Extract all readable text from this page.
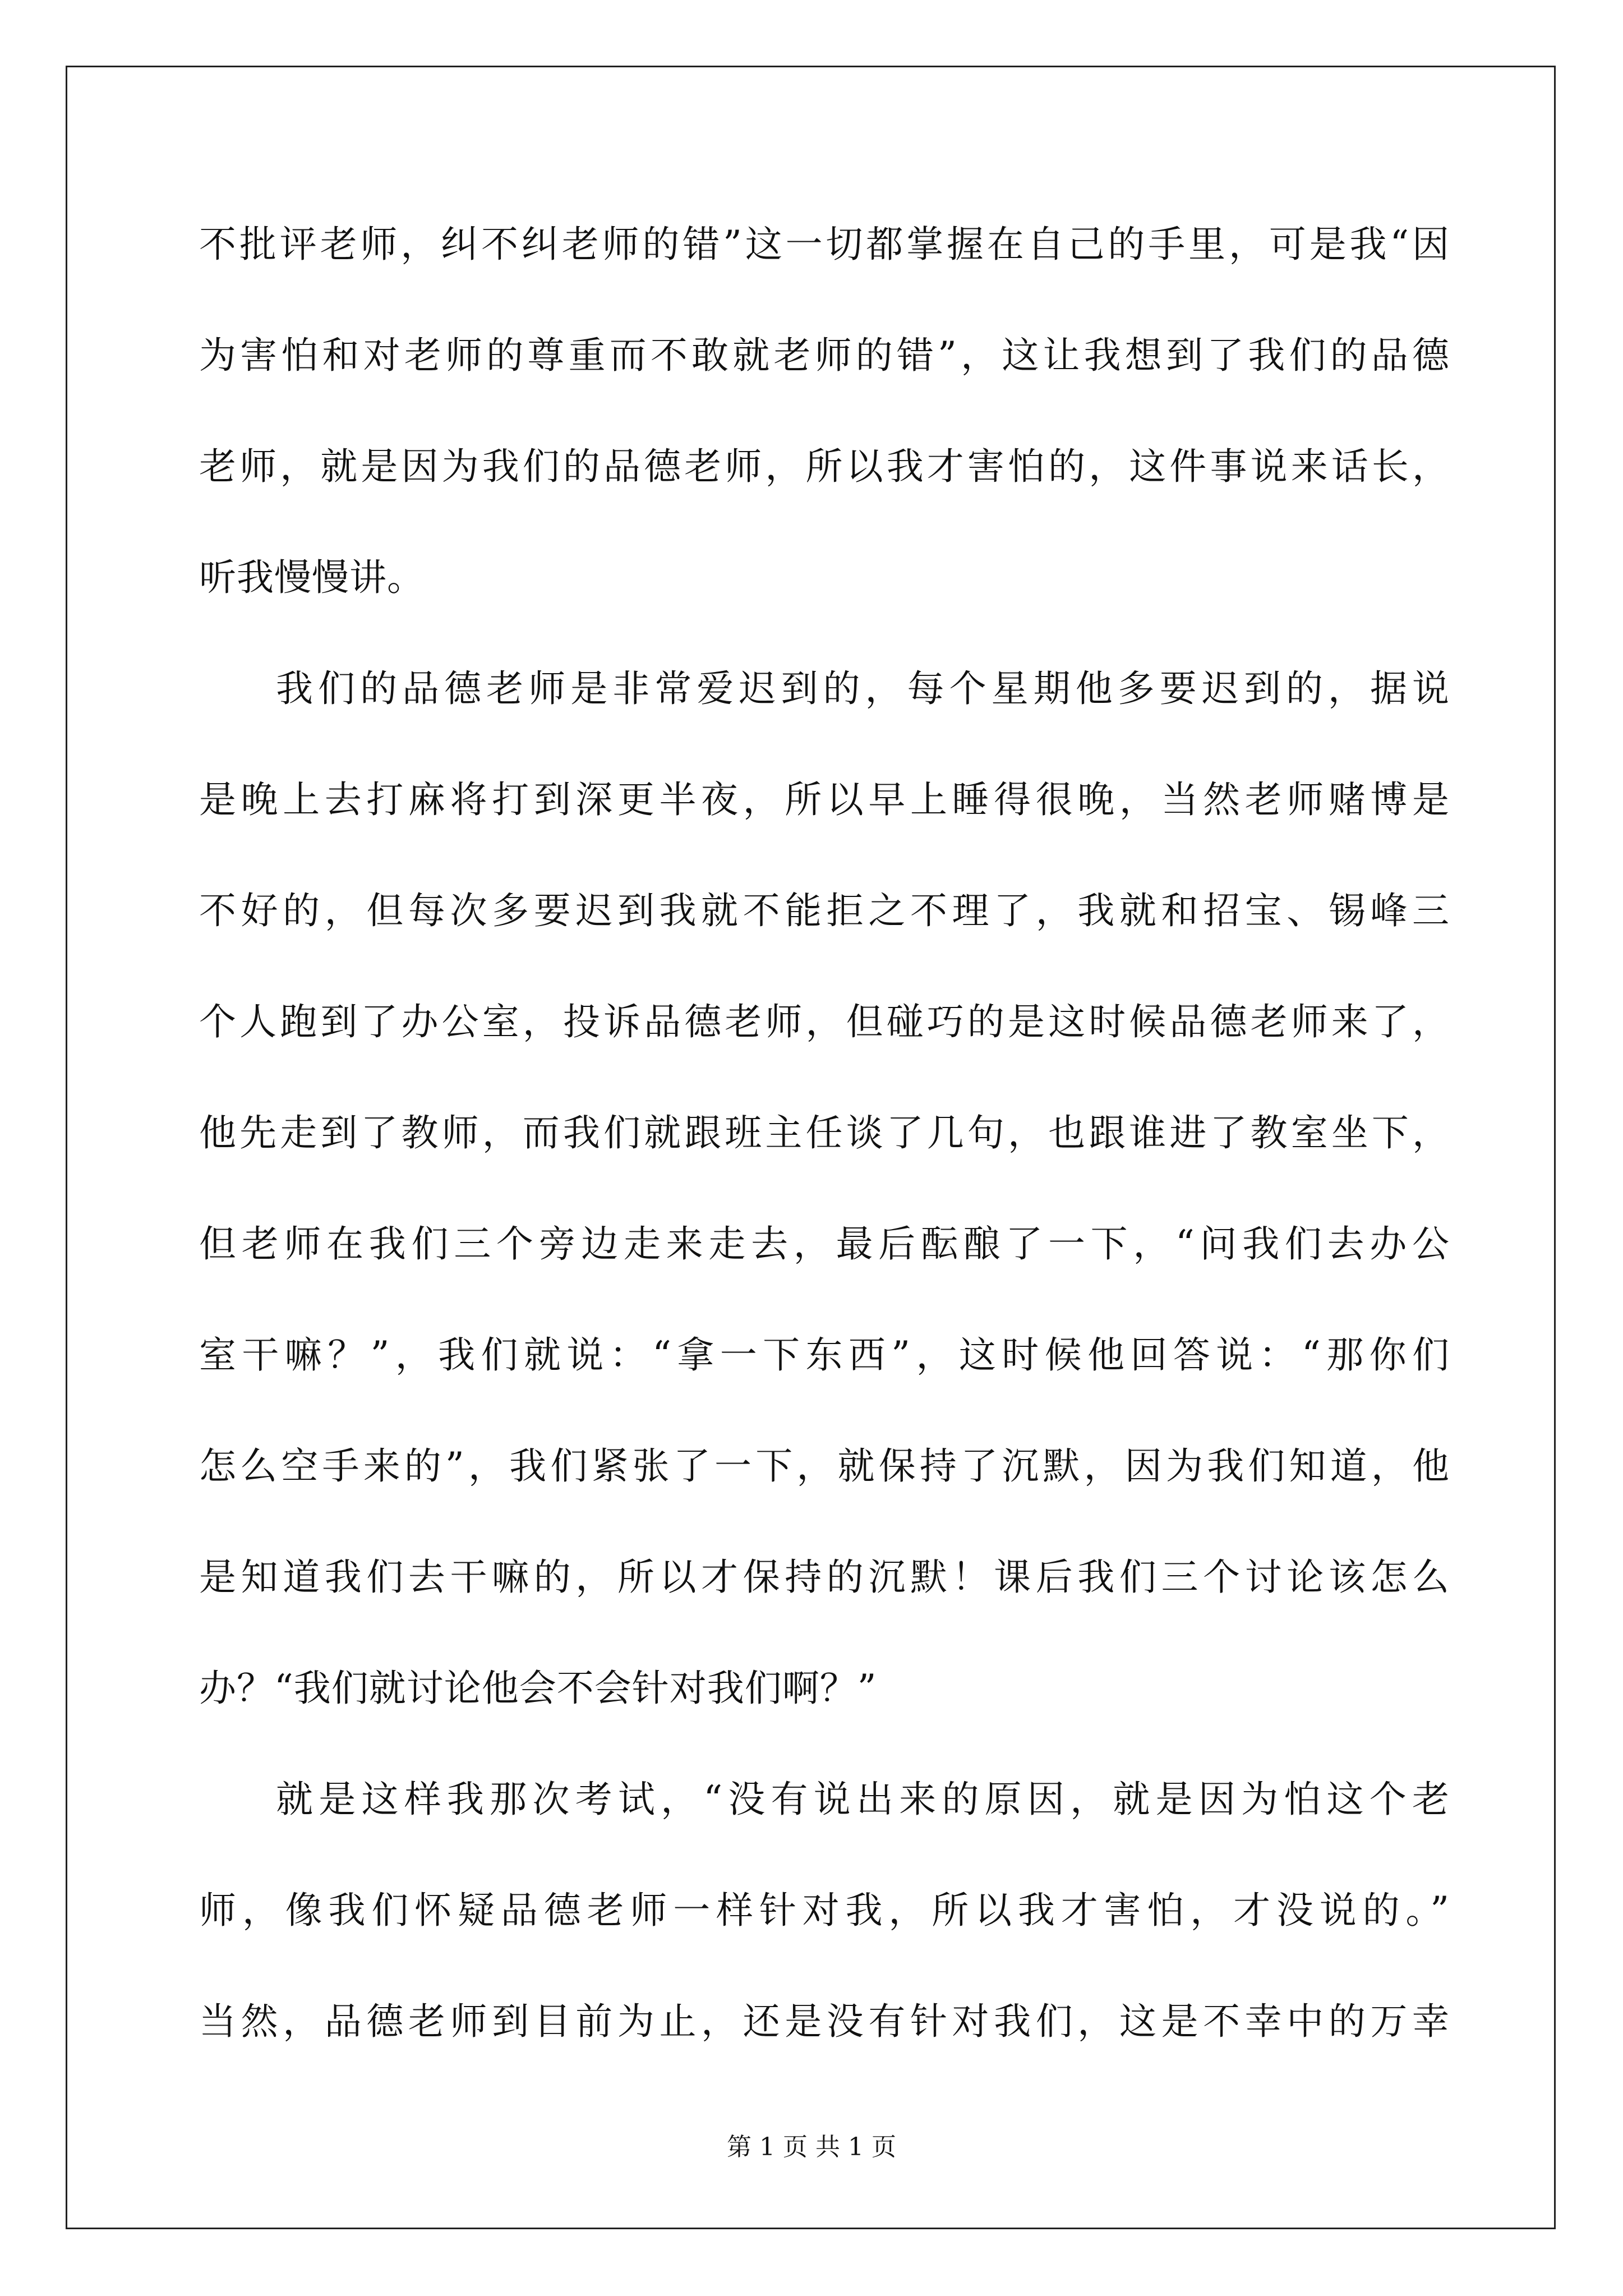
不批评老师，纠不纠老师的错”这一切都掌握在自己的手里，可是我“因
为害怕和对老师的尊重而不敢就老师的错”，这让我想到了我们的品德
老师，就是因为我们的品德老师，所以我才害怕的，这件事说来话长，
听我慢慢讲。
我们的品德老师是非常爱迟到的，每个星期他多要迟到的，据说
是晚上去打麻将打到深更半夜，所以早上睡得很晚，当然老师赌博是
不好的，但每次多要迟到我就不能拒之不理了，我就和招宝、锡峰三
个人跑到了办公室，投诉品德老师，但碰巧的是这时候品德老师来了，
他先走到了教师，而我们就跟班主任谈了几句，也跟谁进了教室坐下，
但老师在我们三个旁边走来走去，最后酝酿了一下，“问我们去办公
室干嘛？”，我们就说：“拿一下东西”，这时候他回答说：“那你们
怎么空手来的”，我们紧张了一下，就保持了沉默，因为我们知道，他
是知道我们去干嘛的，所以才保持的沉默！课后我们三个讨论该怎么
办？“我们就讨论他会不会针对我们啊？”
就是这样我那次考试，“没有说出来的原因，就是因为怕这个老
师，像我们怀疑品德老师一样针对我，所以我才害怕，才没说的。”
当然，品德老师到目前为止，还是没有针对我们，这是不幸中的万幸
第 1 页 共 1 页
